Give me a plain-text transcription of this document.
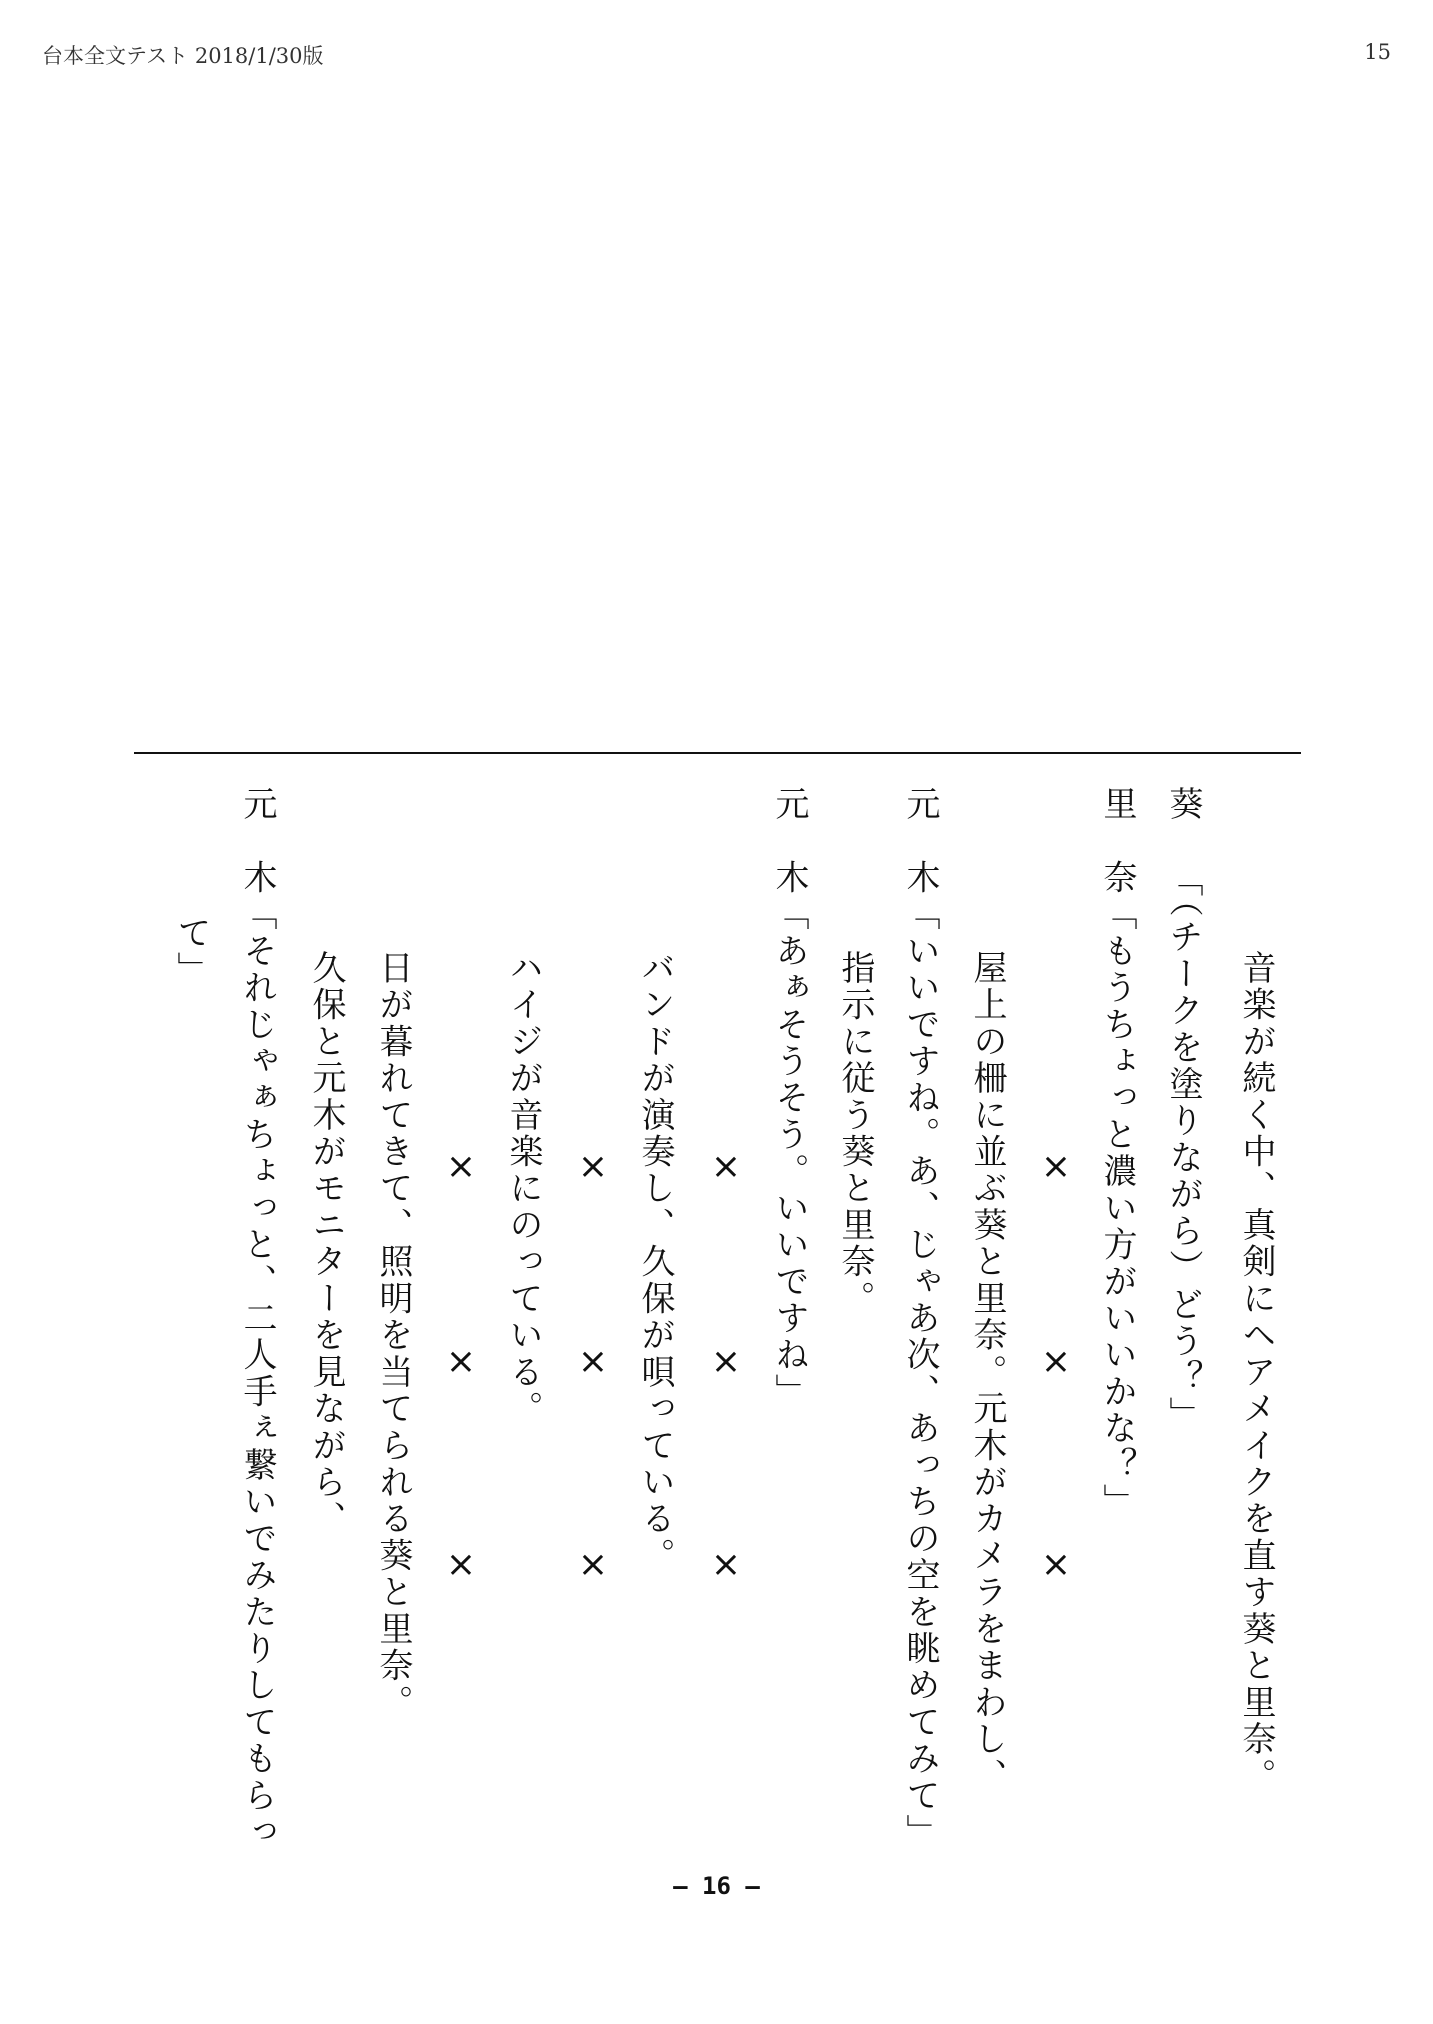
台本全文テスト 2018/1/30版	15
音楽が続く中、真剣にヘアメイクを直す葵と里奈。
葵「（チークを塗りながら）どう？」
里　奈「もうちょっと濃い方がいいかな？」
×
×
×
屋上の柵に並ぶ葵と里奈。元木がカメラをまわし、
元　木「いいですね。あ、じゃあ次、あっちの空を眺めてみて」
指示に従う葵と里奈。
元　木「あぁそうそう。いいですね」
×
×
×
バンドが演奏し、久保が唄っている。
×
×
×
ハイジが音楽にのっている。
×
×
×
日が暮れてきて、照明を当てられる葵と里奈。
久保と元木がモニターを見ながら、
元　木「それじゃぁちょっと、二人手ぇ繋いでみたりしてもらっ
て」
— 16 —
